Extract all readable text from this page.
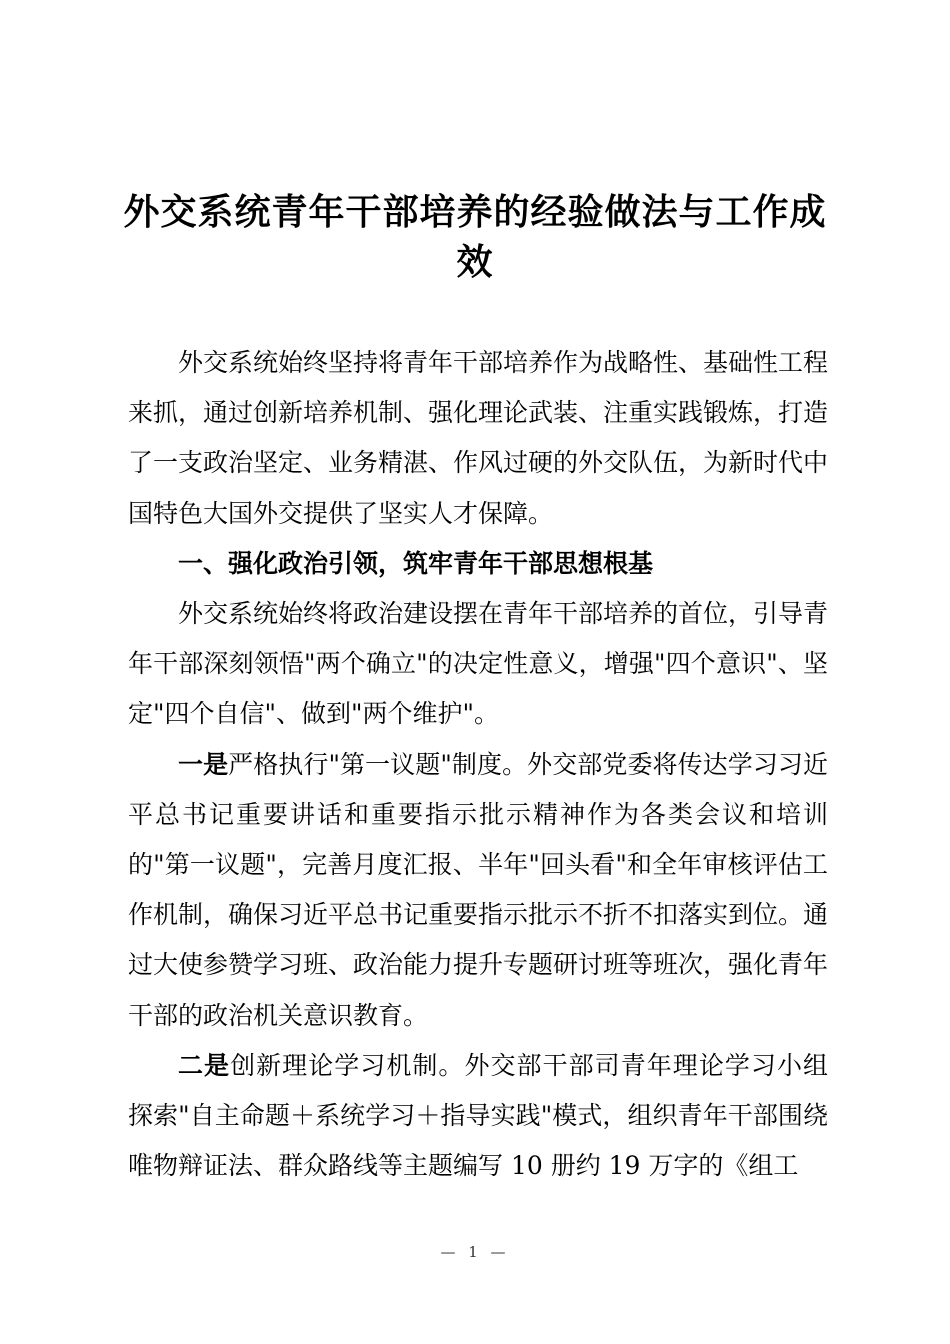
外交系统青年干部培养的经验做法与工作成效

外交系统始终坚持将青年干部培养作为战略性、基础性工程来抓，通过创新培养机制、强化理论武装、注重实践锻炼，打造了一支政治坚定、业务精湛、作风过硬的外交队伍，为新时代中国特色大国外交提供了坚实人才保障。

一、强化政治引领，筑牢青年干部思想根基

外交系统始终将政治建设摆在青年干部培养的首位，引导青年干部深刻领悟"两个确立"的决定性意义，增强"四个意识"、坚定"四个自信"、做到"两个维护"。

一是严格执行"第一议题"制度。外交部党委将传达学习习近平总书记重要讲话和重要指示批示精神作为各类会议和培训的"第一议题"，完善月度汇报、半年"回头看"和全年审核评估工作机制，确保习近平总书记重要指示批示不折不扣落实到位。通过大使参赞学习班、政治能力提升专题研讨班等班次，强化青年干部的政治机关意识教育。

二是创新理论学习机制。外交部干部司青年理论学习小组探索"自主命题＋系统学习＋指导实践"模式，组织青年干部围绕唯物辩证法、群众路线等主题编写 10 册约 19 万字的《组工

— 1 —
